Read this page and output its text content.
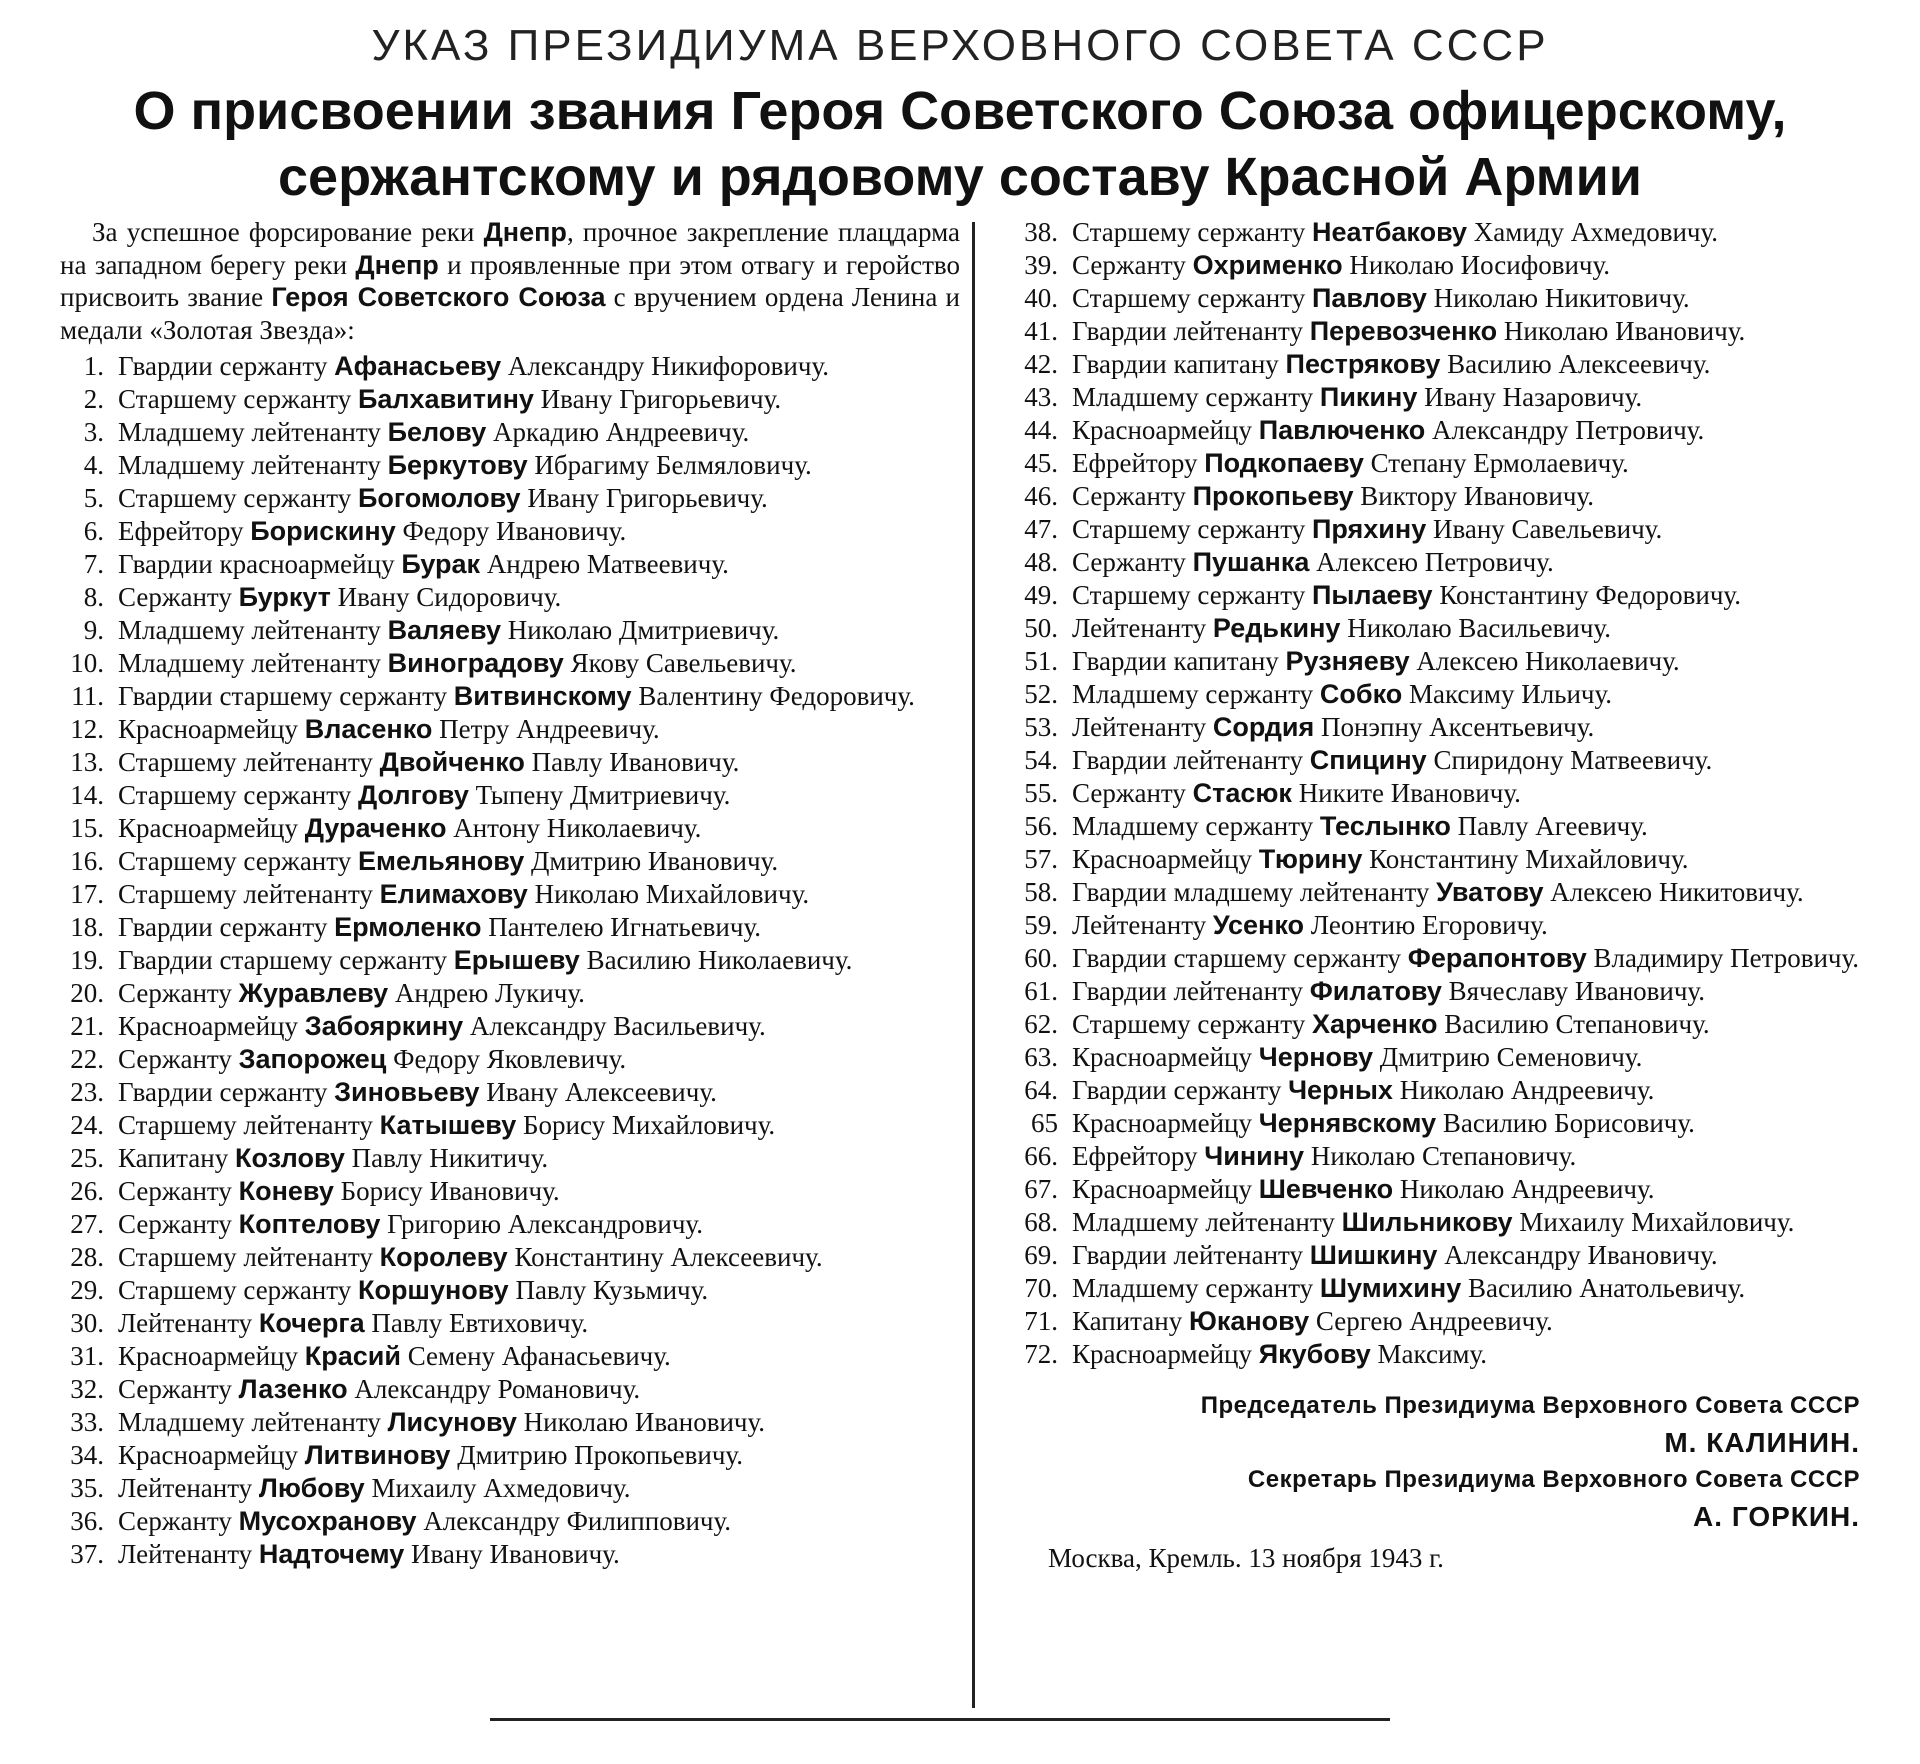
УКАЗ ПРЕЗИДИУМА ВЕРХОВНОГО СОВЕТА СССР
О присвоении звания Героя Советского Союза офицерскому,
сержантскому и рядовому составу Красной Армии

За успешное форсирование реки Днепр, прочное закрепление плацдарма на западном берегу реки Днепр и проявленные при этом отвагу и геройство присвоить звание Героя Советского Союза с вручением ордена Ленина и медали «Золотая Звезда»:

1. Гвардии сержанту Афанасьеву Александру Никифоровичу.
2. Старшему сержанту Балхавитину Ивану Григорьевичу.
3. Младшему лейтенанту Белову Аркадию Андреевичу.
4. Младшему лейтенанту Беркутову Ибрагиму Белмяловичу.
5. Старшему сержанту Богомолову Ивану Григорьевичу.
6. Ефрейтору Борискину Федору Ивановичу.
7. Гвардии красноармейцу Бурак Андрею Матвеевичу.
8. Сержанту Буркут Ивану Сидоровичу.
9. Младшему лейтенанту Валяеву Николаю Дмитриевичу.
10. Младшему лейтенанту Виноградову Якову Савельевичу.
11. Гвардии старшему сержанту Витвинскому Валентину Федоровичу.
12. Красноармейцу Власенко Петру Андреевичу.
13. Старшему лейтенанту Двойченко Павлу Ивановичу.
14. Старшему сержанту Долгову Тыпену Дмитриевичу.
15. Красноармейцу Дураченко Антону Николаевичу.
16. Старшему сержанту Емельянову Дмитрию Ивановичу.
17. Старшему лейтенанту Елимахову Николаю Михайловичу.
18. Гвардии сержанту Ермоленко Пантелею Игнатьевичу.
19. Гвардии старшему сержанту Ерышеву Василию Николаевичу.
20. Сержанту Журавлеву Андрею Лукичу.
21. Красноармейцу Забояркину Александру Васильевичу.
22. Сержанту Запорожец Федору Яковлевичу.
23. Гвардии сержанту Зиновьеву Ивану Алексеевичу.
24. Старшему лейтенанту Катышеву Борису Михайловичу.
25. Капитану Козлову Павлу Никитичу.
26. Сержанту Коневу Борису Ивановичу.
27. Сержанту Коптелову Григорию Александровичу.
28. Старшему лейтенанту Королеву Константину Алексеевичу.
29. Старшему сержанту Коршунову Павлу Кузьмичу.
30. Лейтенанту Кочерга Павлу Евтиховичу.
31. Красноармейцу Красий Семену Афанасьевичу.
32. Сержанту Лазенко Александру Романовичу.
33. Младшему лейтенанту Лисунову Николаю Ивановичу.
34. Красноармейцу Литвинову Дмитрию Прокопьевичу.
35. Лейтенанту Любову Михаилу Ахмедовичу.
36. Сержанту Мусохранову Александру Филипповичу.
37. Лейтенанту Надточему Ивану Ивановичу.
38. Старшему сержанту Неатбакову Хамиду Ахмедовичу.
39. Сержанту Охрименко Николаю Иосифовичу.
40. Старшему сержанту Павлову Николаю Никитовичу.
41. Гвардии лейтенанту Перевозченко Николаю Ивановичу.
42. Гвардии капитану Пестрякову Василию Алексеевичу.
43. Младшему сержанту Пикину Ивану Назаровичу.
44. Красноармейцу Павлюченко Александру Петровичу.
45. Ефрейтору Подкопаеву Степану Ермолаевичу.
46. Сержанту Прокопьеву Виктору Ивановичу.
47. Старшему сержанту Пряхину Ивану Савельевичу.
48. Сержанту Пушанка Алексею Петровичу.
49. Старшему сержанту Пылаеву Константину Федоровичу.
50. Лейтенанту Редькину Николаю Васильевичу.
51. Гвардии капитану Рузняеву Алексею Николаевичу.
52. Младшему сержанту Собко Максиму Ильичу.
53. Лейтенанту Сордия Понэпну Аксентьевичу.
54. Гвардии лейтенанту Спицину Спиридону Матвеевичу.
55. Сержанту Стасюк Никите Ивановичу.
56. Младшему сержанту Теслынко Павлу Агеевичу.
57. Красноармейцу Тюрину Константину Михайловичу.
58. Гвардии младшему лейтенанту Уватову Алексею Никитовичу.
59. Лейтенанту Усенко Леонтию Егоровичу.
60. Гвардии старшему сержанту Ферапонтову Владимиру Петровичу.
61. Гвардии лейтенанту Филатову Вячеславу Ивановичу.
62. Старшему сержанту Харченко Василию Степановичу.
63. Красноармейцу Чернову Дмитрию Семеновичу.
64. Гвардии сержанту Черных Николаю Андреевичу.
65 Красноармейцу Чернявскому Василию Борисовичу.
66. Ефрейтору Чинину Николаю Степановичу.
67. Красноармейцу Шевченко Николаю Андреевичу.
68. Младшему лейтенанту Шильникову Михаилу Михайловичу.
69. Гвардии лейтенанту Шишкину Александру Ивановичу.
70. Младшему сержанту Шумихину Василию Анатольевичу.
71. Капитану Юканову Сергею Андреевичу.
72. Красноармейцу Якубову Максиму.
Председатель Президиума Верховного Совета СССР
М. КАЛИНИН.
Секретарь Президиума Верховного Совета СССР
А. ГОРКИН.
Москва, Кремль. 13 ноября 1943 г.
